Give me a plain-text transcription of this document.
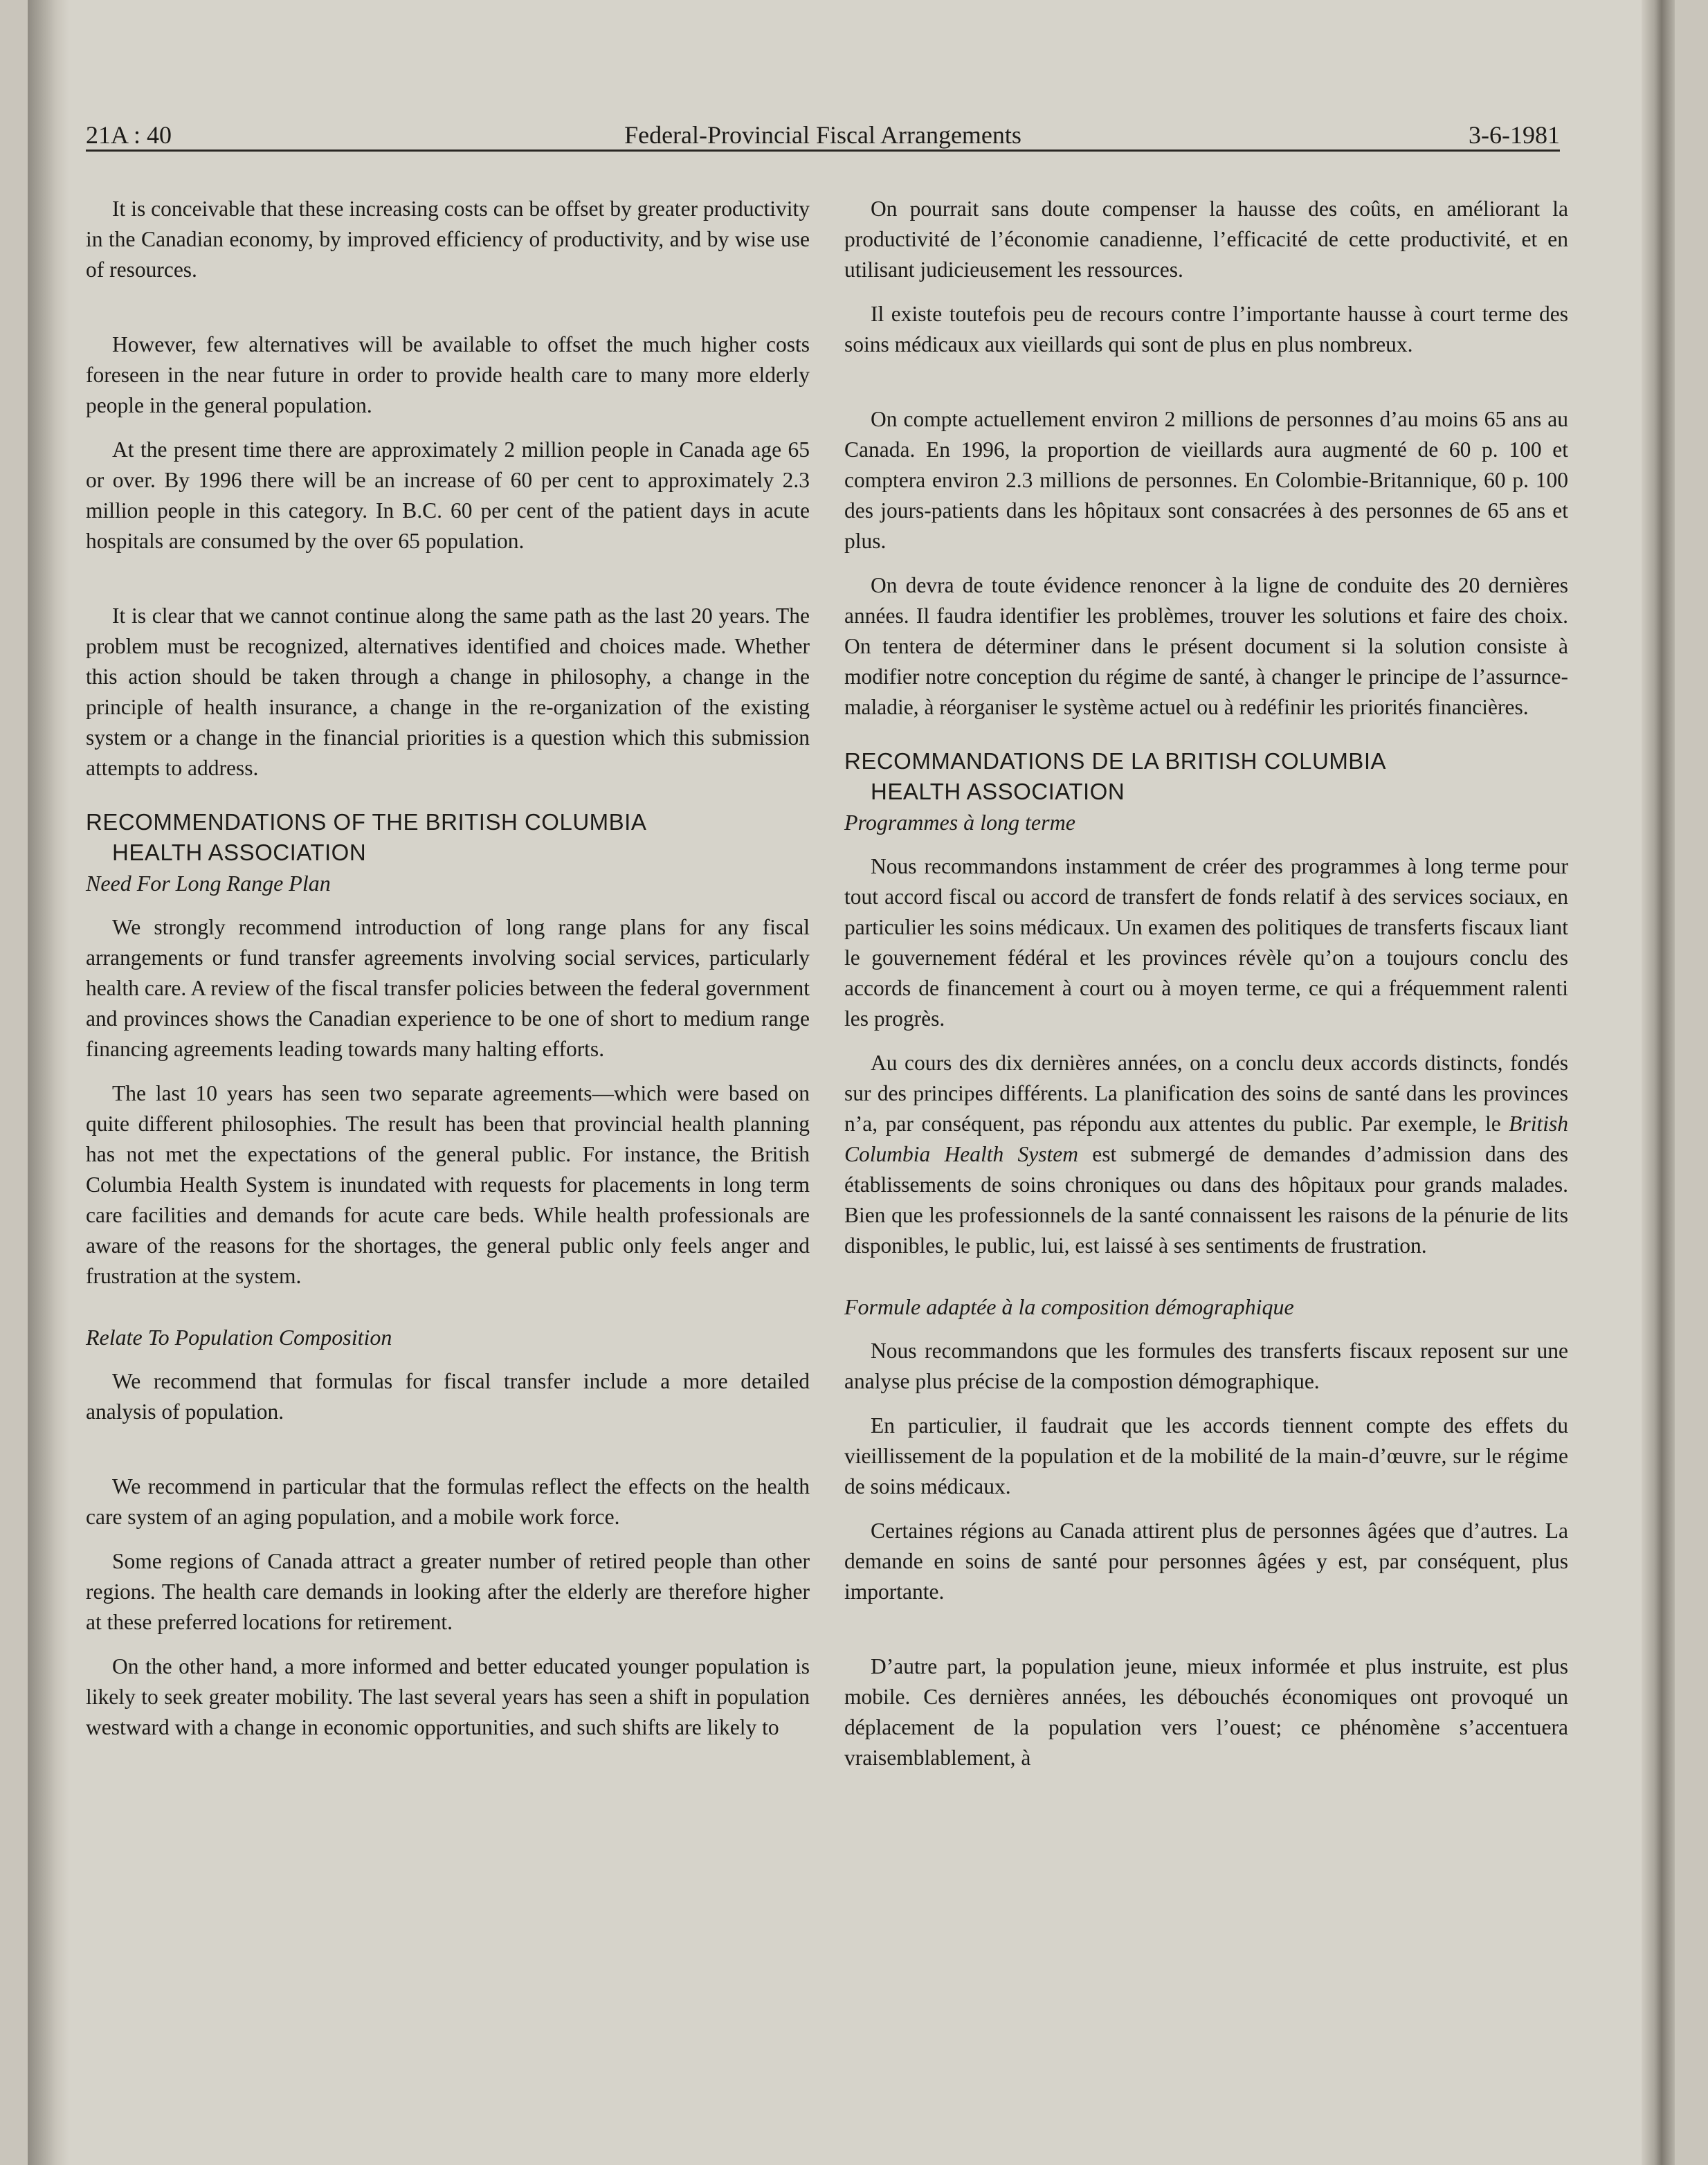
21A : 40	Federal-Provincial Fiscal Arrangements	3-6-1981

It is conceivable that these increasing costs can be offset by greater productivity in the Canadian economy, by improved efficiency of productivity, and by wise use of resources.

However, few alternatives will be available to offset the much higher costs foreseen in the near future in order to provide health care to many more elderly people in the general population.

At the present time there are approximately 2 million people in Canada age 65 or over. By 1996 there will be an increase of 60 per cent to approximately 2.3 million people in this category. In B.C. 60 per cent of the patient days in acute hospitals are consumed by the over 65 population.

It is clear that we cannot continue along the same path as the last 20 years. The problem must be recognized, alternatives identified and choices made. Whether this action should be taken through a change in philosophy, a change in the principle of health insurance, a change in the re-organization of the existing system or a change in the financial priorities is a question which this submission attempts to address.

RECOMMENDATIONS OF THE BRITISH COLUMBIA
HEALTH ASSOCIATION
Need For Long Range Plan

We strongly recommend introduction of long range plans for any fiscal arrangements or fund transfer agreements involving social services, particularly health care. A review of the fiscal transfer policies between the federal government and provinces shows the Canadian experience to be one of short to medium range financing agreements leading towards many halting efforts.

The last 10 years has seen two separate agreements—which were based on quite different philosophies. The result has been that provincial health planning has not met the expectations of the general public. For instance, the British Columbia Health System is inundated with requests for placements in long term care facilities and demands for acute care beds. While health professionals are aware of the reasons for the shortages, the general public only feels anger and frustration at the system.

Relate To Population Composition

We recommend that formulas for fiscal transfer include a more detailed analysis of population.

We recommend in particular that the formulas reflect the effects on the health care system of an aging population, and a mobile work force.

Some regions of Canada attract a greater number of retired people than other regions. The health care demands in looking after the elderly are therefore higher at these preferred locations for retirement.

On the other hand, a more informed and better educated younger population is likely to seek greater mobility. The last several years has seen a shift in population westward with a change in economic opportunities, and such shifts are likely to

On pourrait sans doute compenser la hausse des coûts, en améliorant la productivité de l’économie canadienne, l’efficacité de cette productivité, et en utilisant judicieusement les ressources.

Il existe toutefois peu de recours contre l’importante hausse à court terme des soins médicaux aux vieillards qui sont de plus en plus nombreux.

On compte actuellement environ 2 millions de personnes d’au moins 65 ans au Canada. En 1996, la proportion de vieillards aura augmenté de 60 p. 100 et comptera environ 2.3 millions de personnes. En Colombie-Britannique, 60 p. 100 des jours-patients dans les hôpitaux sont consacrées à des personnes de 65 ans et plus.

On devra de toute évidence renoncer à la ligne de conduite des 20 dernières années. Il faudra identifier les problèmes, trouver les solutions et faire des choix. On tentera de déterminer dans le présent document si la solution consiste à modifier notre conception du régime de santé, à changer le principe de l’assurnce-maladie, à réorganiser le système actuel ou à redéfinir les priorités financières.

RECOMMANDATIONS DE LA BRITISH COLUMBIA
HEALTH ASSOCIATION
Programmes à long terme

Nous recommandons instamment de créer des programmes à long terme pour tout accord fiscal ou accord de transfert de fonds relatif à des services sociaux, en particulier les soins médicaux. Un examen des politiques de transferts fiscaux liant le gouvernement fédéral et les provinces révèle qu’on a toujours conclu des accords de financement à court ou à moyen terme, ce qui a fréquemment ralenti les progrès.

Au cours des dix dernières années, on a conclu deux accords distincts, fondés sur des principes différents. La planification des soins de santé dans les provinces n’a, par conséquent, pas répondu aux attentes du public. Par exemple, le British Columbia Health System est submergé de demandes d’admission dans des établissements de soins chroniques ou dans des hôpitaux pour grands malades. Bien que les professionnels de la santé connaissent les raisons de la pénurie de lits disponibles, le public, lui, est laissé à ses sentiments de frustration.

Formule adaptée à la composition démographique

Nous recommandons que les formules des transferts fiscaux reposent sur une analyse plus précise de la compostion démographique.

En particulier, il faudrait que les accords tiennent compte des effets du vieillissement de la population et de la mobilité de la main-d’œuvre, sur le régime de soins médicaux.

Certaines régions au Canada attirent plus de personnes âgées que d’autres. La demande en soins de santé pour personnes âgées y est, par conséquent, plus importante.

D’autre part, la population jeune, mieux informée et plus instruite, est plus mobile. Ces dernières années, les débouchés économiques ont provoqué un déplacement de la population vers l’ouest; ce phénomène s’accentuera vraisemblablement, à
